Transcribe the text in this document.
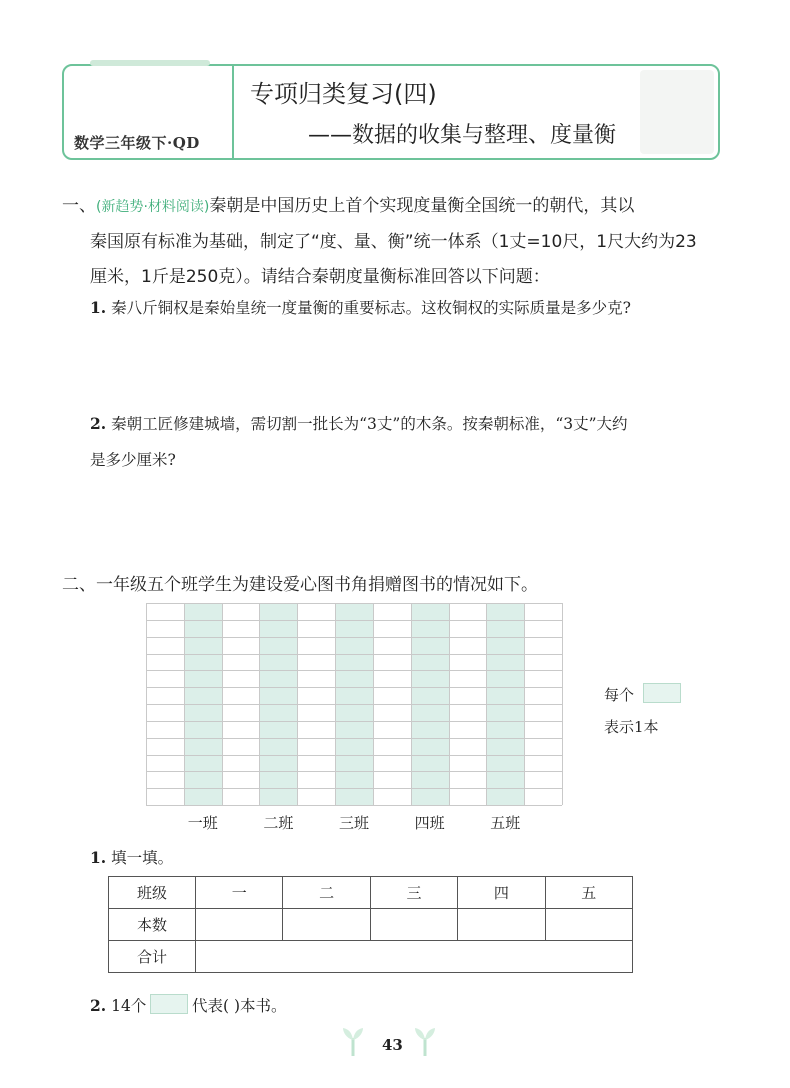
数学三年级下·QD
专项归类复习(四)
——数据的收集与整理、度量衡
一、(新趋势·材料阅读)秦朝是中国历史上首个实现度量衡全国统一的朝代，其以
秦国原有标准为基础，制定了“度、量、衡”统一体系（1丈=10尺，1尺大约为23
厘米，1斤是250克）。请结合秦朝度量衡标准回答以下问题：
1. 秦八斤铜权是秦始皇统一度量衡的重要标志。这枚铜权的实际质量是多少克?
2. 秦朝工匠修建城墙，需切割一批长为“3丈”的木条。按秦朝标准，“3丈”大约
是多少厘米?
二、一年级五个班学生为建设爱心图书角捐赠图书的情况如下。
每个
表示1本
一班	二班	三班	四班	五班
1. 填一填。
班级	一	二	三	四	五
本数					
合计					
2. 14个	代表( )本书。
43
